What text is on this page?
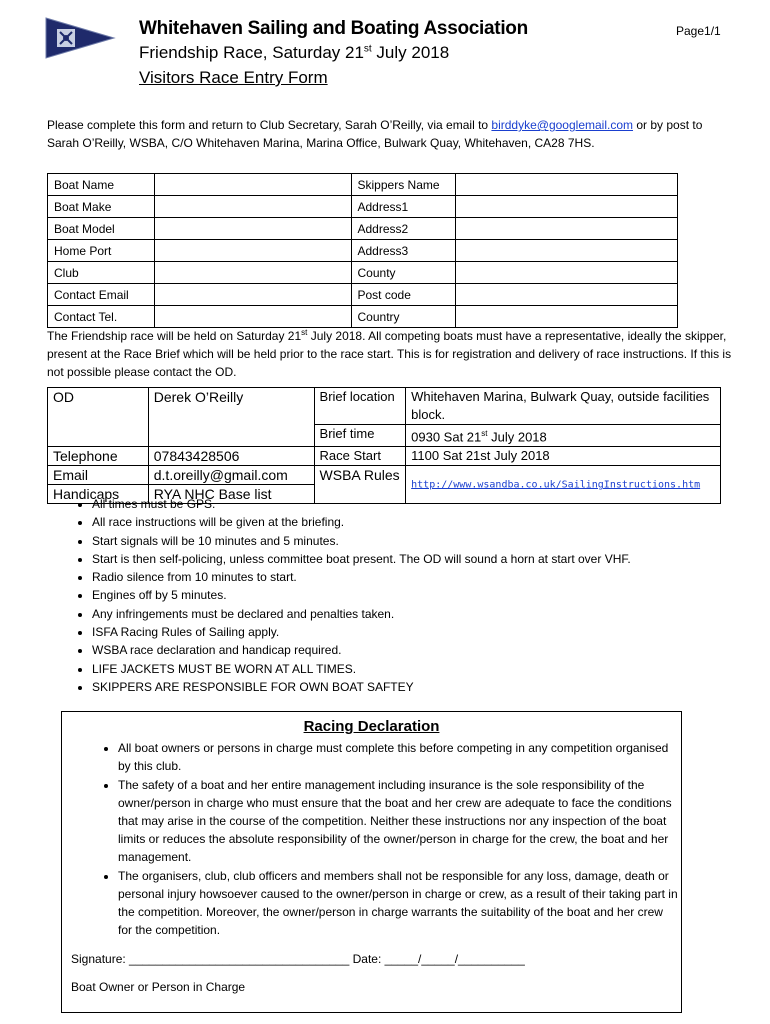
Whitehaven Sailing and Boating Association
Friendship Race, Saturday 21st July 2018
Visitors Race Entry Form
Page1/1
Please complete this form and return to Club Secretary, Sarah O’Reilly, via email to birddyke@googlemail.com or by post to Sarah O’Reilly, WSBA, C/O Whitehaven Marina, Marina Office, Bulwark Quay, Whitehaven, CA28 7HS.
Boat Name		Skippers Name	
Boat Make		Address1	
Boat Model		Address2	
Home Port		Address3	
Club		County	
Contact Email		Post code	
Contact Tel.		Country	
The Friendship race will be held on Saturday 21st July 2018. All competing boats must have a representative, ideally the skipper, present at the Race Brief which will be held prior to the race start. This is for registration and delivery of race instructions. If this is not possible please contact the OD.
OD	Derek O’Reilly	Brief location	Whitehaven Marina, Bulwark Quay, outside facilities block.
		Brief time	0930 Sat 21st July 2018
Telephone	07843428506	Race Start	1100 Sat 21st July 2018
Email	d.t.oreilly@gmail.com	WSBA Rules	http://www.wsandba.co.uk/SailingInstructions.htm
Handicaps	RYA NHC Base list		
• All times must be GPS.
• All race instructions will be given at the briefing.
• Start signals will be 10 minutes and 5 minutes.
• Start is then self-policing, unless committee boat present. The OD will sound a horn at start over VHF.
• Radio silence from 10 minutes to start.
• Engines off by 5 minutes.
• Any infringements must be declared and penalties taken.
• ISFA Racing Rules of Sailing apply.
• WSBA race declaration and handicap required.
• LIFE JACKETS MUST BE WORN AT ALL TIMES.
• SKIPPERS ARE RESPONSIBLE FOR OWN BOAT SAFTEY
Racing Declaration
• All boat owners or persons in charge must complete this before competing in any competition organised by this club.
• The safety of a boat and her entire management including insurance is the sole responsibility of the owner/person in charge who must ensure that the boat and her crew are adequate to face the conditions that may arise in the course of the competition. Neither these instructions nor any inspection of the boat limits or reduces the absolute responsibility of the owner/person in charge for the crew, the boat and her management.
• The organisers, club, club officers and members shall not be responsible for any loss, damage, death or personal injury howsoever caused to the owner/person in charge or crew, as a result of their taking part in the competition. Moreover, the owner/person in charge warrants the suitability of the boat and her crew for the competition.
Signature: _________________________________ Date: _____/_____/__________
Boat Owner or Person in Charge
